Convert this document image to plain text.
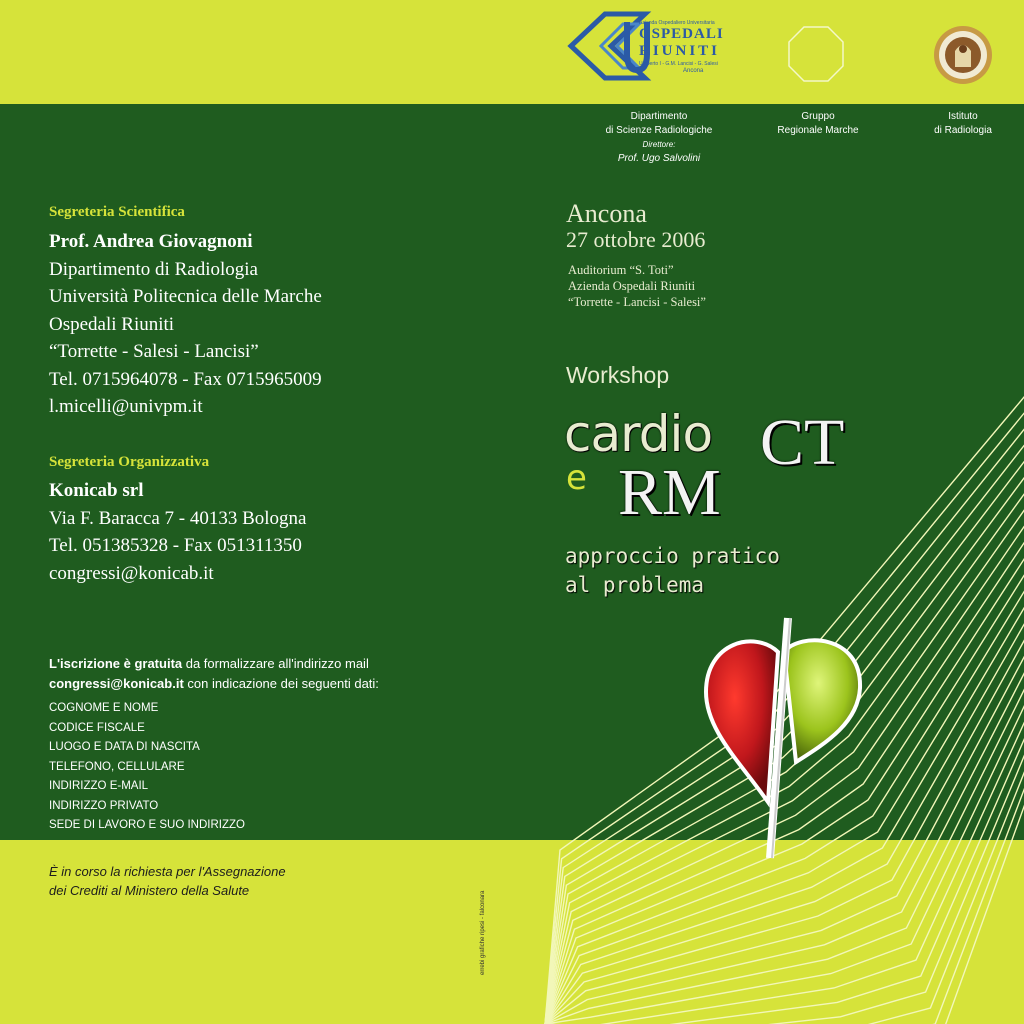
Azienda Ospedaliero Universitaria
OSPEDALI
RIUNITI
Umberto I - G.M. Lancisi - G. Salesi
Ancona
Dipartimento
di Scienze Radiologiche
Direttore:
Prof. Ugo Salvolini
Gruppo
Regionale Marche
Istituto
di Radiologia
Segreteria Scientifica
Prof. Andrea Giovagnoni
Dipartimento di Radiologia
Università Politecnica delle Marche
Ospedali Riuniti
“Torrette - Salesi - Lancisi”
Tel. 0715964078 - Fax 0715965009
l.micelli@univpm.it
Segreteria Organizzativa
Konicab srl
Via F. Baracca 7 - 40133 Bologna
Tel. 051385328 - Fax 051311350
congressi@konicab.it
L'iscrizione è gratuita da formalizzare all'indirizzo mail
congressi@konicab.it con indicazione dei seguenti dati:
COGNOME E NOME
CODICE FISCALE
LUOGO E DATA DI NASCITA
TELEFONO, CELLULARE
INDIRIZZO E-MAIL
INDIRIZZO PRIVATO
SEDE DI LAVORO E SUO INDIRIZZO
È in corso la richiesta per l'Assegnazione
dei Crediti al Ministero della Salute
errebi grafiche ripesi - falconara
Ancona
27 ottobre 2006
Auditorium “S. Toti”
Azienda Ospedali Riuniti
“Torrette - Lancisi - Salesi”
Workshop
cardio CT
e RM
approccio pratico
al problema
